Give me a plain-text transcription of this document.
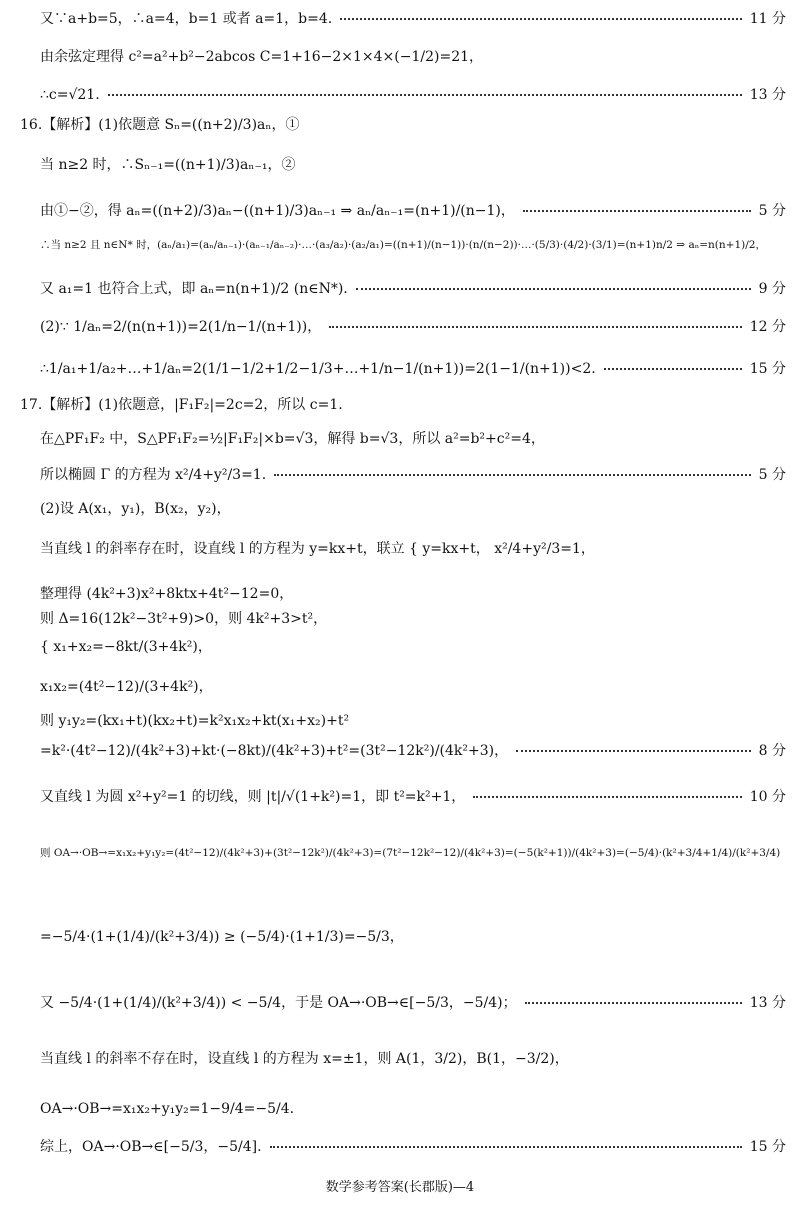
又∵a+b=5，∴a=4，b=1 或者 a=1，b=4.	11 分
由余弦定理得 c²=a²+b²−2abcos C=1+16−2×1×4×(−1/2)=21，
∴c=√21.	13 分
16.【解析】(1)依题意 Sₙ=((n+2)/3)aₙ，①
当 n≥2 时，∴Sₙ₋₁=((n+1)/3)aₙ₋₁，②
由①−②，得 aₙ=((n+2)/3)aₙ−((n+1)/3)aₙ₋₁ ⇒ aₙ/aₙ₋₁=(n+1)/(n−1)，	5 分
∴当 n≥2 且 n∈N* 时，(aₙ/a₁)=(aₙ/aₙ₋₁)·(aₙ₋₁/aₙ₋₂)·…·(a₃/a₂)·(a₂/a₁)=((n+1)/(n−1))·(n/(n−2))·…·(5/3)·(4/2)·(3/1)=(n+1)n/2 ⇒ aₙ=n(n+1)/2，
又 a₁=1 也符合上式，即 aₙ=n(n+1)/2 (n∈N*).	9 分
(2)∵ 1/aₙ=2/(n(n+1))=2(1/n−1/(n+1))，	12 分
∴1/a₁+1/a₂+…+1/aₙ=2(1/1−1/2+1/2−1/3+…+1/n−1/(n+1))=2(1−1/(n+1))<2.	15 分
17.【解析】(1)依题意，|F₁F₂|=2c=2，所以 c=1.
在△PF₁F₂ 中，S△PF₁F₂=½|F₁F₂|×b=√3，解得 b=√3，所以 a²=b²+c²=4，
所以椭圆 Γ 的方程为 x²/4+y²/3=1.	5 分
(2)设 A(x₁，y₁)，B(x₂，y₂)，
当直线 l 的斜率存在时，设直线 l 的方程为 y=kx+t，联立 { y=kx+t， x²/4+y²/3=1，
整理得 (4k²+3)x²+8ktx+4t²−12=0，
则 Δ=16(12k²−3t²+9)>0，则 4k²+3>t²，
{ x₁+x₂=−8kt/(3+4k²)，
x₁x₂=(4t²−12)/(3+4k²)，
则 y₁y₂=(kx₁+t)(kx₂+t)=k²x₁x₂+kt(x₁+x₂)+t²
=k²·(4t²−12)/(4k²+3)+kt·(−8kt)/(4k²+3)+t²=(3t²−12k²)/(4k²+3)，	8 分
又直线 l 为圆 x²+y²=1 的切线，则 |t|/√(1+k²)=1，即 t²=k²+1，	10 分
则 OA→·OB→=x₁x₂+y₁y₂=(4t²−12)/(4k²+3)+(3t²−12k²)/(4k²+3)=(7t²−12k²−12)/(4k²+3)=(−5(k²+1))/(4k²+3)=(−5/4)·(k²+3/4+1/4)/(k²+3/4)
=−5/4·(1+(1/4)/(k²+3/4)) ≥ (−5/4)·(1+1/3)=−5/3，
又 −5/4·(1+(1/4)/(k²+3/4)) < −5/4，于是 OA→·OB→∈[−5/3，−5/4)；	13 分
当直线 l 的斜率不存在时，设直线 l 的方程为 x=±1，则 A(1，3/2)，B(1，−3/2)，
OA→·OB→=x₁x₂+y₁y₂=1−9/4=−5/4.
综上，OA→·OB→∈[−5/3，−5/4].	15 分
数学参考答案(长郡版)—4
